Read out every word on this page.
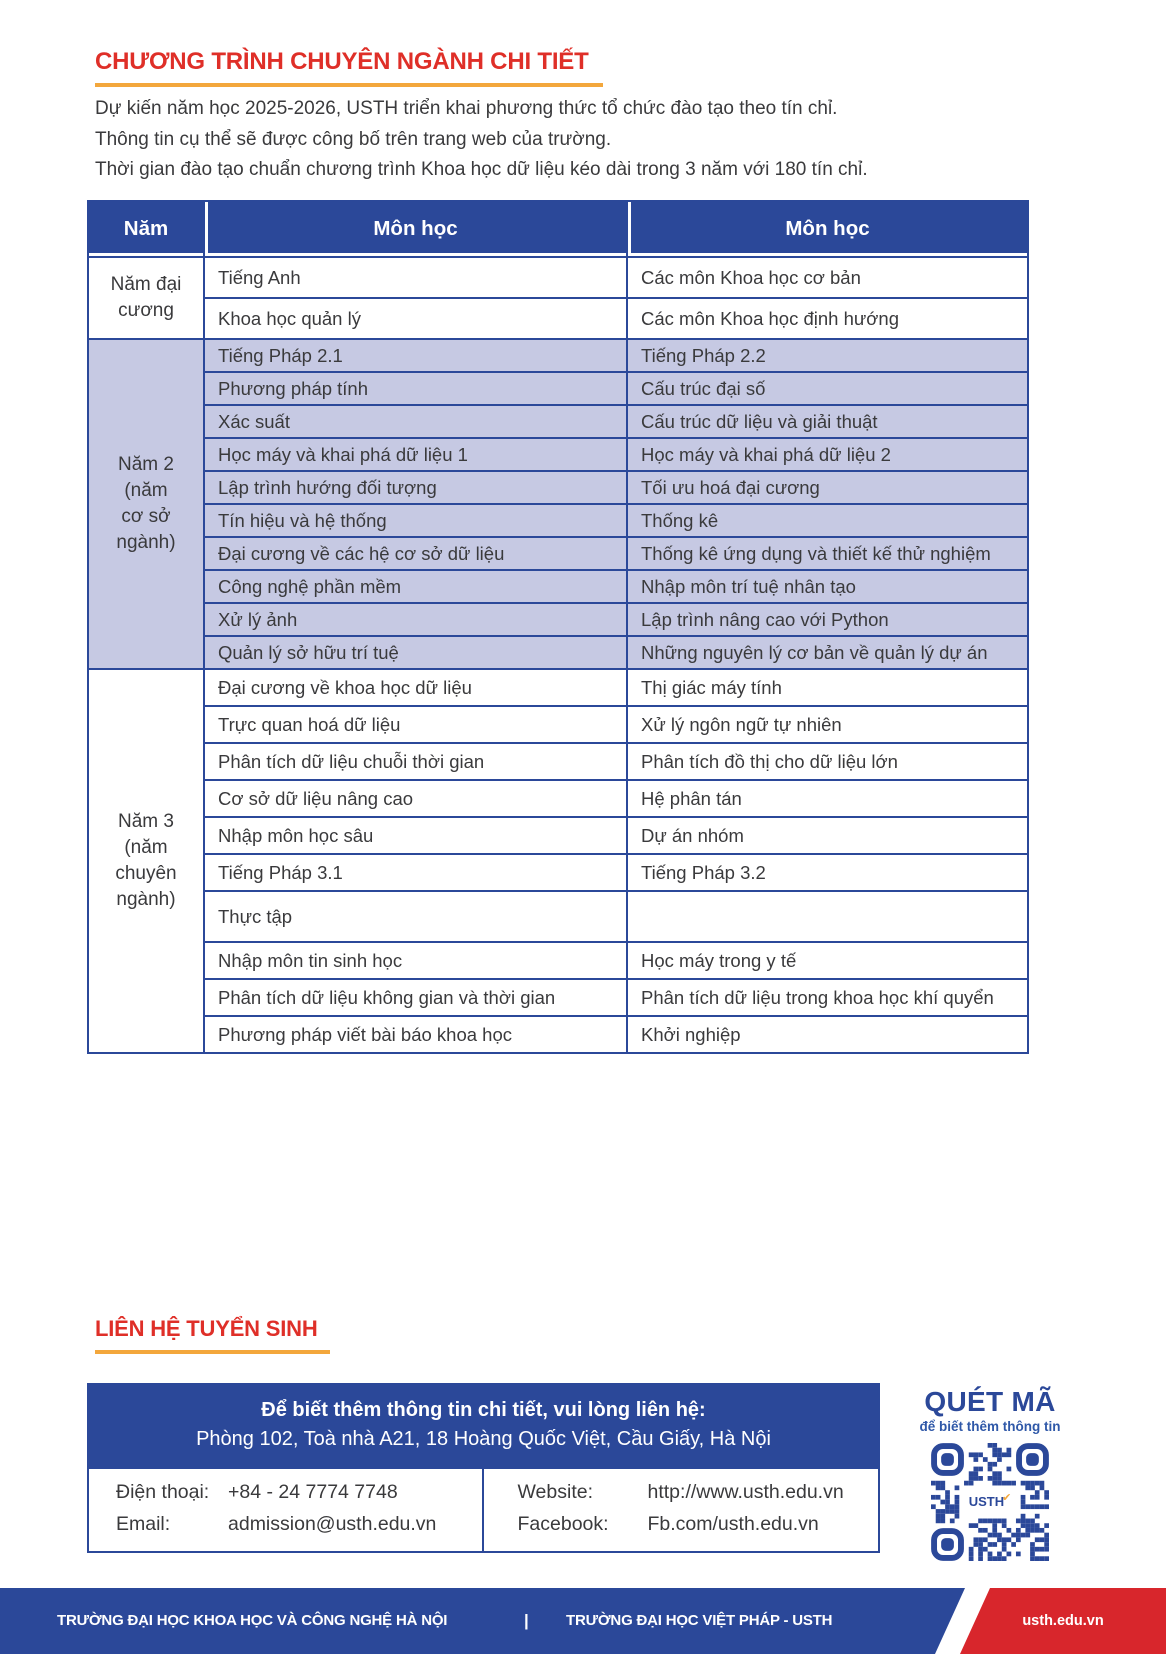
CHƯƠNG TRÌNH CHUYÊN NGÀNH CHI TIẾT
Dự kiến năm học 2025-2026, USTH triển khai phương thức tổ chức đào tạo theo tín chỉ.
Thông tin cụ thể sẽ được công bố trên trang web của trường.
Thời gian đào tạo chuẩn chương trình Khoa học dữ liệu kéo dài trong 3 năm với 180 tín chỉ.
Năm	Môn học	Môn học

Năm đại
cương	Tiếng Anh	Các môn Khoa học cơ bản
	Khoa học quản lý	Các môn Khoa học định hướng

Năm 2
(năm
cơ sở
ngành)	Tiếng Pháp 2.1	Tiếng Pháp 2.2
	Phương pháp tính	Cấu trúc đại số
	Xác suất	Cấu trúc dữ liệu và giải thuật
	Học máy và khai phá dữ liệu 1	Học máy và khai phá dữ liệu 2
	Lập trình hướng đối tượng	Tối ưu hoá đại cương
	Tín hiệu và hệ thống	Thống kê
	Đại cương về các hệ cơ sở dữ liệu	Thống kê ứng dụng và thiết kế thử nghiệm
	Công nghệ phần mềm	Nhập môn trí tuệ nhân tạo
	Xử lý ảnh	Lập trình nâng cao với Python
	Quản lý sở hữu trí tuệ	Những nguyên lý cơ bản về quản lý dự án

Năm 3
(năm
chuyên
ngành)	Đại cương về khoa học dữ liệu	Thị giác máy tính
	Trực quan hoá dữ liệu	Xử lý ngôn ngữ tự nhiên
	Phân tích dữ liệu chuỗi thời gian	Phân tích đồ thị cho dữ liệu lớn
	Cơ sở dữ liệu nâng cao	Hệ phân tán
	Nhập môn học sâu	Dự án nhóm
	Tiếng Pháp 3.1	Tiếng Pháp 3.2
	Thực tập	
	Nhập môn tin sinh học	Học máy trong y tế
	Phân tích dữ liệu không gian và thời gian	Phân tích dữ liệu trong khoa học khí quyển
	Phương pháp viết bài báo khoa học	Khởi nghiệp
LIÊN HỆ TUYỂN SINH
Để biết thêm thông tin chi tiết, vui lòng liên hệ:
Phòng 102, Toà nhà A21, 18 Hoàng Quốc Việt, Cầu Giấy, Hà Nội
Điện thoại: +84 - 24 7774 7748
Email:	admission@usth.edu.vn
Website:	http://www.usth.edu.vn
Facebook:	Fb.com/usth.edu.vn
QUÉT MÃ
để biết thêm thông tin
USTH✔
TRƯỜNG ĐẠI HỌC KHOA HỌC VÀ CÔNG NGHỆ HÀ NỘI	| TRƯỜNG ĐẠI HỌC VIỆT PHÁP - USTH	usth.edu.vn
